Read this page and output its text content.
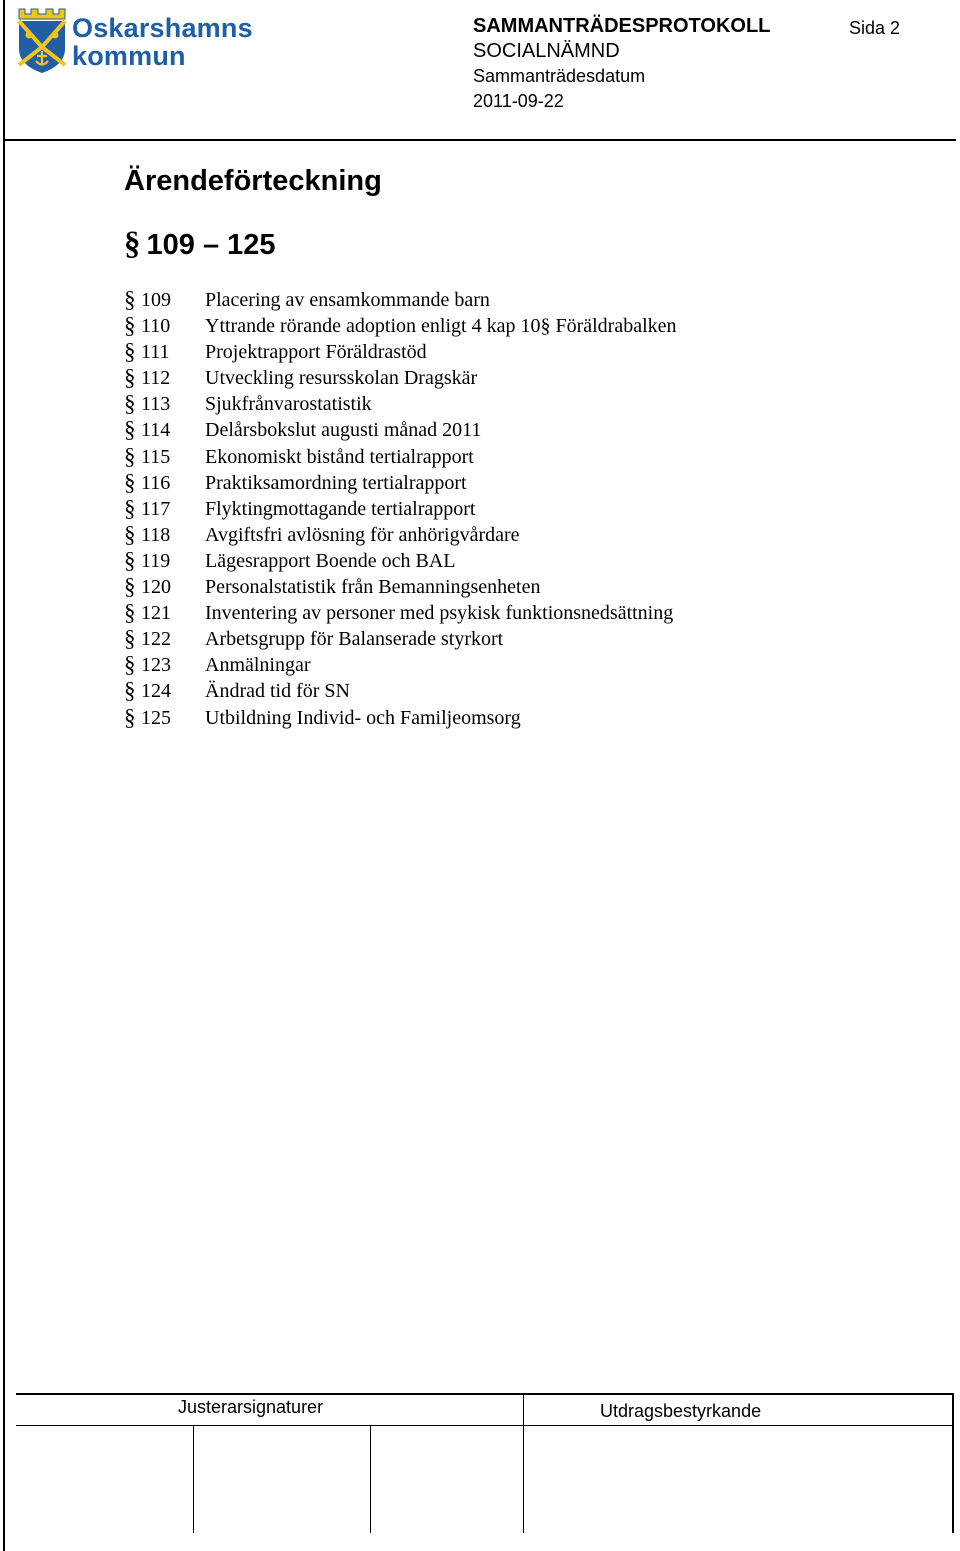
Oskarshamns
kommun
SAMMANTRÄDESPROTOKOLL
SOCIALNÄMND
Sammanträdesdatum
2011-09-22
Sida 2
Ärendeförteckning
§ 109 – 125
§ 109 Placering av ensamkommande barn
§ 110 Yttrande rörande adoption enligt 4 kap 10§ Föräldrabalken
§ 111 Projektrapport Föräldrastöd
§ 112 Utveckling resursskolan Dragskär
§ 113 Sjukfrånvarostatistik
§ 114 Delårsbokslut augusti månad 2011
§ 115 Ekonomiskt bistånd tertialrapport
§ 116 Praktiksamordning tertialrapport
§ 117 Flyktingmottagande tertialrapport
§ 118 Avgiftsfri avlösning för anhörigvårdare
§ 119 Lägesrapport Boende och BAL
§ 120 Personalstatistik från Bemanningsenheten
§ 121 Inventering av personer med psykisk funktionsnedsättning
§ 122 Arbetsgrupp för Balanserade styrkort
§ 123 Anmälningar
§ 124 Ändrad tid för SN
§ 125 Utbildning Individ- och Familjeomsorg
Justerarsignaturer	Utdragsbestyrkande
